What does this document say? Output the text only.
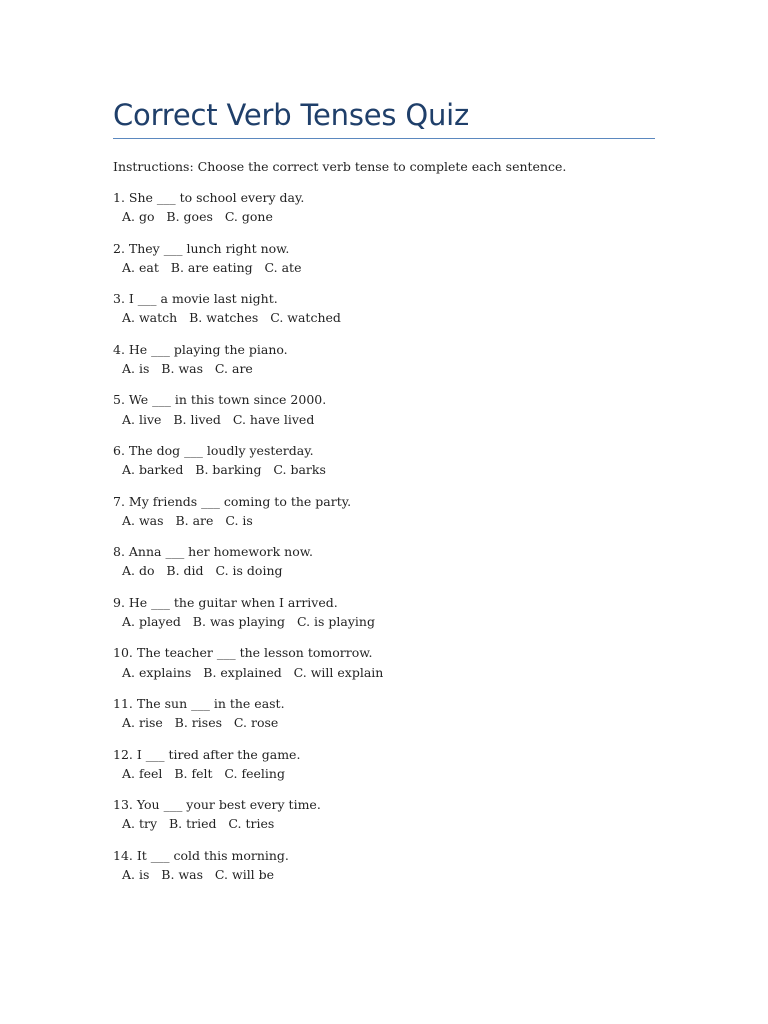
Correct Verb Tenses Quiz

Instructions: Choose the correct verb tense to complete each sentence.

1. She ___ to school every day.
A. go   B. goes   C. gone
2. They ___ lunch right now.
A. eat   B. are eating   C. ate
3. I ___ a movie last night.
A. watch   B. watches   C. watched
4. He ___ playing the piano.
A. is   B. was   C. are
5. We ___ in this town since 2000.
A. live   B. lived   C. have lived
6. The dog ___ loudly yesterday.
A. barked   B. barking   C. barks
7. My friends ___ coming to the party.
A. was   B. are   C. is
8. Anna ___ her homework now.
A. do   B. did   C. is doing
9. He ___ the guitar when I arrived.
A. played   B. was playing   C. is playing
10. The teacher ___ the lesson tomorrow.
A. explains   B. explained   C. will explain
11. The sun ___ in the east.
A. rise   B. rises   C. rose
12. I ___ tired after the game.
A. feel   B. felt   C. feeling
13. You ___ your best every time.
A. try   B. tried   C. tries
14. It ___ cold this morning.
A. is   B. was   C. will be
